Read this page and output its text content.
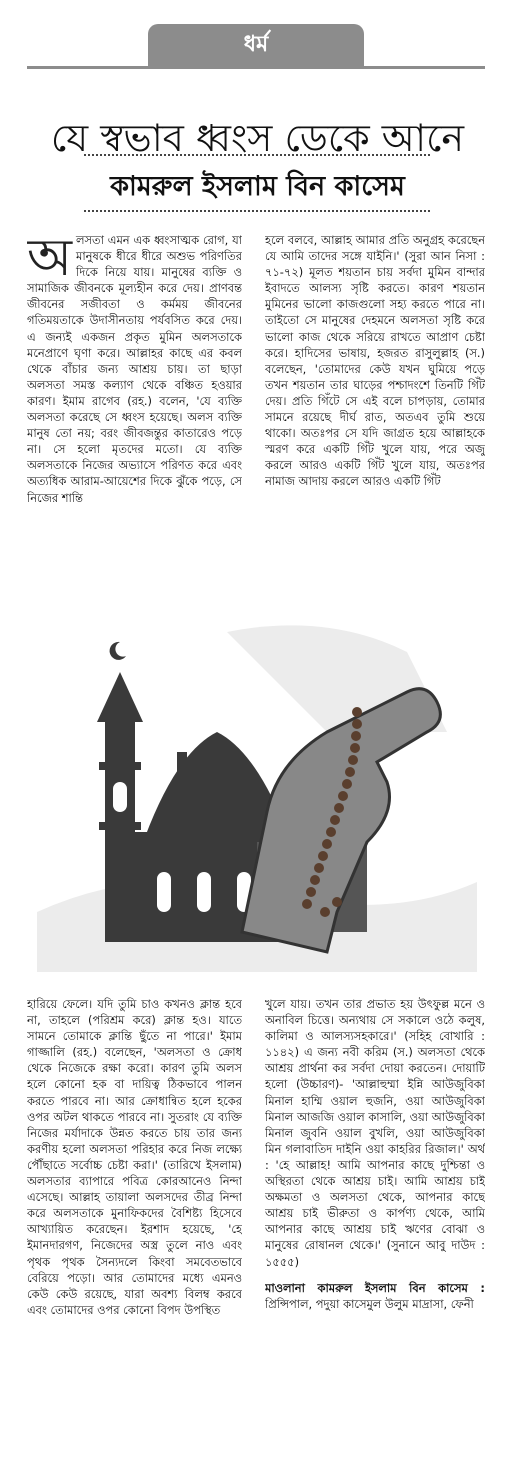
ধর্ম
যে স্বভাব ধ্বংস ডেকে আনে
কামরুল ইসলাম বিন কাসেম
অ লসতা এমন এক ধ্বংসাত্মক রোগ, যা মানুষকে ধীরে ধীরে অশুভ পরিণতির দিকে নিয়ে যায়। মানুষের ব্যক্তি ও সামাজিক জীবনকে মূল্যহীন করে দেয়। প্রাণবন্ত জীবনের সজীবতা ও কর্মময় জীবনের গতিময়তাকে উদাসীনতায় পর্যবসিত করে দেয়। এ জন্যই একজন প্রকৃত মুমিন অলসতাকে মনেপ্রাণে ঘৃণা করে। আল্লাহর কাছে এর কবল থেকে বাঁচার জন্য আশ্রয় চায়। তা ছাড়া অলসতা সমস্ত কল্যাণ থেকে বঞ্চিত হওয়ার কারণ। ইমাম রাগেব (রহ.) বলেন, 'যে ব্যক্তি অলসতা করেছে সে ধ্বংস হয়েছে। অলস ব্যক্তি মানুষ তো নয়; বরং জীবজন্তুর কাতারেও পড়ে না। সে হলো মৃতদের মতো। যে ব্যক্তি অলসতাকে নিজের অভ্যাসে পরিণত করে এবং অত্যধিক আরাম-আয়েশের দিকে ঝুঁকে পড়ে, সে নিজের শান্তি

হলে বলবে, আল্লাহ আমার প্রতি অনুগ্রহ করেছেন যে আমি তাদের সঙ্গে যাইনি।' (সুরা আন নিসা : ৭১-৭২) মূলত শয়তান চায় সর্বদা মুমিন বান্দার ইবাদতে আলস্য সৃষ্টি করতে। কারণ শয়তান মুমিনের ভালো কাজগুলো সহ্য করতে পারে না। তাইতো সে মানুষের দেহমনে অলসতা সৃষ্টি করে ভালো কাজ থেকে সরিয়ে রাখতে আপ্রাণ চেষ্টা করে। হাদিসের ভাষায়, হজরত রাসুলুল্লাহ (স.) বলেছেন, 'তোমাদের কেউ যখন ঘুমিয়ে পড়ে তখন শয়তান তার ঘাড়ের পশ্চাদংশে তিনটি গিঁট দেয়। প্রতি গিঁটে সে এই বলে চাপড়ায়, তোমার সামনে রয়েছে দীর্ঘ রাত, অতএব তুমি শুয়ে থাকো। অতঃপর সে যদি জাগ্রত হয়ে আল্লাহকে স্মরণ করে একটি গিঁট খুলে যায়, পরে অজু করলে আরও একটি গিঁট খুলে যায়, অতঃপর নামাজ আদায় করলে আরও একটি গিঁট

হারিয়ে ফেলে। যদি তুমি চাও কখনও ক্লান্ত হবে না, তাহলে (পরিশ্রম করে) ক্লান্ত হও। যাতে সামনে তোমাকে ক্লান্তি ছুঁতে না পারে।' ইমাম গাজ্জালি (রহ.) বলেছেন, 'অলসতা ও ক্রোধ থেকে নিজেকে রক্ষা করো। কারণ তুমি অলস হলে কোনো হক বা দায়িত্ব ঠিকভাবে পালন করতে পারবে না। আর ক্রোধান্বিত হলে হকের ওপর অটল থাকতে পারবে না। সুতরাং যে ব্যক্তি নিজের মর্যাদাকে উন্নত করতে চায় তার জন্য করণীয় হলো অলসতা পরিহার করে নিজ লক্ষ্যে পৌঁছাতে সর্বোচ্চ চেষ্টা করা।' (তারিখে ইসলাম) অলসতার ব্যাপারে পবিত্র কোরআনেও নিন্দা এসেছে। আল্লাহ তায়ালা অলসদের তীব্র নিন্দা করে অলসতাকে মুনাফিকদের বৈশিষ্ট্য হিসেবে আখ্যায়িত করেছেন। ইরশাদ হয়েছে, 'হে ইমানদারগণ, নিজেদের অস্ত্র তুলে নাও এবং পৃথক পৃথক সৈন্যদলে কিংবা সমবেতভাবে বেরিয়ে পড়ো। আর তোমাদের মধ্যে এমনও কেউ কেউ রয়েছে, যারা অবশ্য বিলম্ব করবে এবং তোমাদের ওপর কোনো বিপদ উপস্থিত

খুলে যায়। তখন তার প্রভাত হয় উৎফুল্ল মনে ও অনাবিল চিত্তে। অন্যথায় সে সকালে ওঠে কলুষ, কালিমা ও আলস্যসহকারে।' (সহিহ বোখারি : ১১৪২) এ জন্য নবী করিম (স.) অলসতা থেকে আশ্রয় প্রার্থনা কর সর্বদা দোয়া করতেন। দোয়াটি হলো (উচ্চারণ)- 'আল্লাহুম্মা ইন্নি আউজুবিকা মিনাল হাম্মি ওয়াল হুজনি, ওয়া আউজুবিকা মিনাল আজজি ওয়াল কাসালি, ওয়া আউজুবিকা মিনাল জুবনি ওয়াল বুখলি, ওয়া আউজুবিকা মিন গলাবাতিদ দাইনি ওয়া কাহরির রিজাল।' অর্থ : 'হে আল্লাহ! আমি আপনার কাছে দুশ্চিন্তা ও অস্থিরতা থেকে আশ্রয় চাই। আমি আশ্রয় চাই অক্ষমতা ও অলসতা থেকে, আপনার কাছে আশ্রয় চাই ভীরুতা ও কার্পণ্য থেকে, আমি আপনার কাছে আশ্রয় চাই ঋণের বোঝা ও মানুষের রোষানল থেকে।' (সুনানে আবু দাউদ : ১৫৫৫)

মাওলানা কামরুল ইসলাম বিন কাসেম : প্রিন্সিপাল, পদুয়া কাসেমুল উলুম মাদ্রাসা, ফেনী
